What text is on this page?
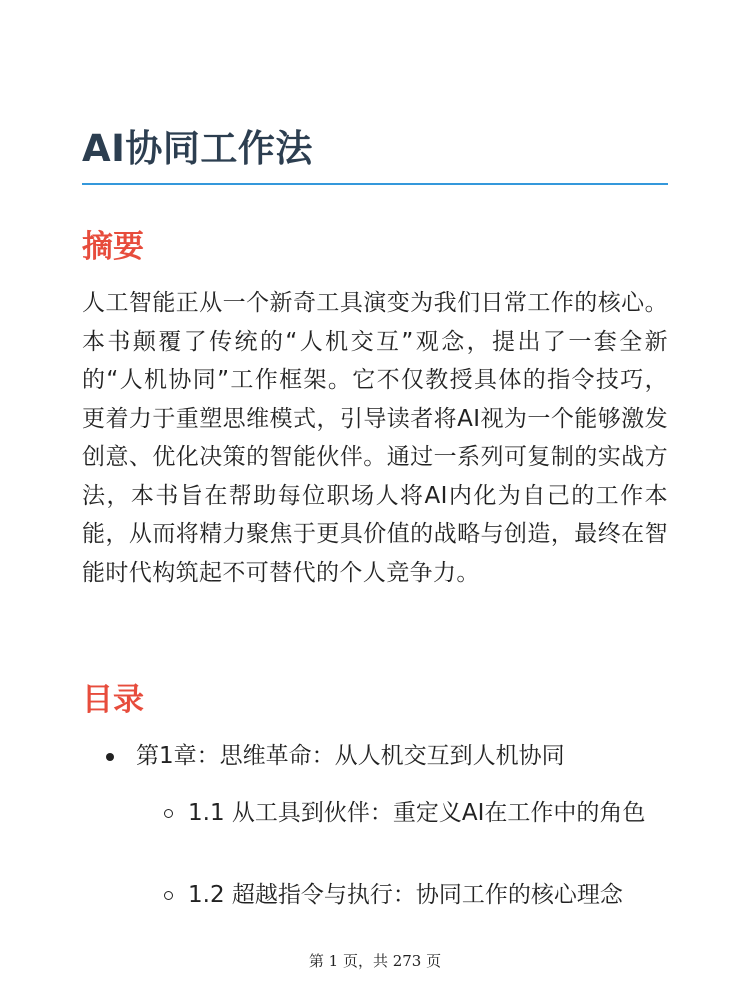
AI协同工作法
摘要

人工智能正从一个新奇工具演变为我们日常工作的核心。本书颠覆了传统的“人机交互”观念，提出了一套全新的“人机协同”工作框架。它不仅教授具体的指令技巧，更着力于重塑思维模式，引导读者将AI视为一个能够激发创意、优化决策的智能伙伴。通过一系列可复制的实战方法，本书旨在帮助每位职场人将AI内化为自己的工作本能，从而将精力聚焦于更具价值的战略与创造，最终在智能时代构筑起不可替代的个人竞争力。

目录
第1章：思维革命：从人机交互到人机协同
1.1 从工具到伙伴：重定义AI在工作中的角色
1.2 超越指令与执行：协同工作的核心理念
第 1 页，共 273 页
